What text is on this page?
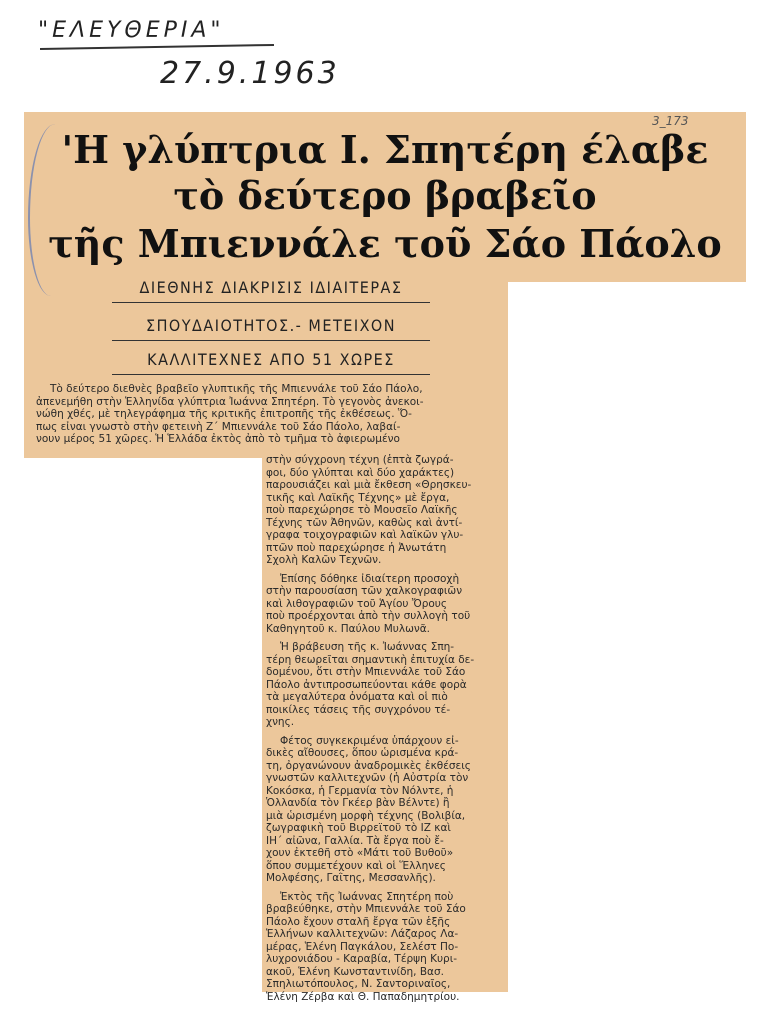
"ΕΛΕΥΘΕΡΙΑ"
27.9.1963
3_173
'Η γλύπτρια Ι. Σπητέρη έλαβε
τὸ δεύτερο βραβεῖο
τῆς Μπιεννάλε τοῦ Σάο Πάολο
ΔΙΕΘΝΗΣ ΔΙΑΚΡΙΣΙΣ ΙΔΙΑΙΤΕΡΑΣ
ΣΠΟΥΔΑΙΟΤΗΤΟΣ.- ΜΕΤΕΙΧΟΝ
ΚΑΛΛΙΤΕΧΝΕΣ ΑΠΟ 51 ΧΩΡΕΣ
Τὸ δεύτερο διεθνὲς βραβεῖο γλυπτικῆς τῆς Μπιεννάλε τοῦ Σάο Πάολο,
ἀπενεμήθη στὴν Ἑλληνίδα γλύπτρια Ἰωάννα Σπητέρη. Τὸ γεγονὸς ἀνεκοι-
νώθη χθές, μὲ τηλεγράφημα τῆς κριτικῆς ἐπιτροπῆς τῆς ἐκθέσεως. Ὅ-
πως εἶναι γνωστὸ στὴν φετεινὴ Ζ΄ Μπιεννάλε τοῦ Σάο Πάολο, λαβαί-
νουν μέρος 51 χῶρες. Ἡ Ἑλλάδα ἐκτὸς ἀπὸ τὸ τμῆμα τὸ ἀφιερωμένο
στὴν σύγχρονη τέχνη (ἑπτὰ ζωγρά-
φοι, δύο γλύπται καὶ δύο χαράκτες)
παρουσιάζει καὶ μιὰ ἔκθεση «Θρησκευ-
τικῆς καὶ Λαϊκῆς Τέχνης» μὲ ἔργα,
ποὺ παρεχώρησε τὸ Μουσεῖο Λαϊκῆς
Τέχνης τῶν Ἀθηνῶν, καθὼς καὶ ἀντί-
γραφα τοιχογραφιῶν καὶ λαϊκῶν γλυ-
πτῶν ποὺ παρεχώρησε ἡ Ἀνωτάτη
Σχολὴ Καλῶν Τεχνῶν.
Ἐπίσης δόθηκε ἰδιαίτερη προσοχὴ
στὴν παρουσίαση τῶν χαλκογραφιῶν
καὶ λιθογραφιῶν τοῦ Ἁγίου Ὄρους
ποὺ προέρχονται ἀπὸ τὴν συλλογὴ τοῦ
Καθηγητοῦ κ. Παύλου Μυλωνᾶ.
Ἡ βράβευση τῆς κ. Ἰωάννας Σπη-
τέρη θεωρεῖται σημαντικὴ ἐπιτυχία δε-
δομένου, ὅτι στὴν Μπιεννάλε τοῦ Σάο
Πάολο ἀντιπροσωπεύονται κάθε φορὰ
τὰ μεγαλύτερα ὀνόματα καὶ οἱ πιὸ
ποικίλες τάσεις τῆς συγχρόνου τέ-
χνης.
Φέτος συγκεκριμένα ὑπάρχουν εἰ-
δικὲς αἴθουσες, ὅπου ὡρισμένα κρά-
τη, ὀργανώνουν ἀναδρομικὲς ἐκθέσεις
γνωστῶν καλλιτεχνῶν (ἡ Αὐστρία τὸν
Κοκόσκα, ἡ Γερμανία τὸν Νόλντε, ἡ
Ὁλλανδία τὸν Γκέερ βὰν Βέλντε) ἢ
μιὰ ὡρισμένη μορφὴ τέχνης (Βολιβία,
ζωγραφικὴ τοῦ Βιρρεϊτοῦ τὸ ΙΖ καὶ
ΙΗ΄ αἰῶνα, Γαλλία. Τὰ ἔργα ποὺ ἔ-
χουν ἐκτεθῆ στὸ «Μάτι τοῦ Βυθοῦ»
ὅπου συμμετέχουν καὶ οἱ Ἕλληνες
Μολφέσης, Γαΐτης, Μεσσανλῆς).
Ἐκτὸς τῆς Ἰωάννας Σπητέρη ποὺ
βραβεύθηκε, στὴν Μπιεννάλε τοῦ Σάο
Πάολο ἔχουν σταλῆ ἔργα τῶν ἑξῆς
Ἑλλήνων καλλιτεχνῶν: Λάζαρος Λα-
μέρας, Ἑλένη Παγκάλου, Σελέστ Πο-
λυχρονιάδου - Καραβία, Τέρψη Κυρι-
ακοῦ, Ἑλένη Κωνσταντινίδη, Βασ.
Σπηλιωτόπουλος, Ν. Σαντοριναῖος,
Ἑλένη Ζέρβα καὶ Θ. Παπαδημητρίου.
